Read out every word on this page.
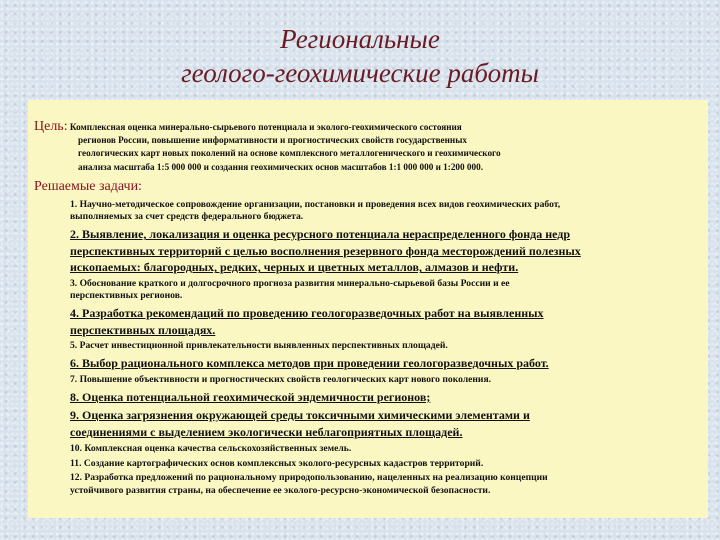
Региональные
геолого-геохимические работы
Цель: Комплексная оценка минерально-сырьевого потенциала и эколого-геохимического состояния
регионов России, повышение информативности и прогностических свойств государственных
геологических карт новых поколений на основе комплексного металлогенического и геохимического
анализа масштаба 1:5 000 000 и создания геохимических основ масштабов 1:1 000 000 и 1:200 000.
Решаемые задачи:
1. Научно-методическое сопровождение организации, постановки и проведения всех видов геохимических работ,
выполняемых за счет средств федерального бюджета.
2. Выявление, локализация и оценка ресурсного потенциала нераспределенного фонда недр
перспективных территорий с целью восполнения резервного фонда месторождений полезных
ископаемых: благородных, редких, черных и цветных металлов, алмазов и нефти.
3. Обоснование краткого и долгосрочного прогноза развития минерально-сырьевой базы России и ее
перспективных регионов.
4. Разработка рекомендаций по проведению геологоразведочных работ на выявленных
перспективных площадях.
5. Расчет инвестиционной привлекательности выявленных перспективных площадей.
6. Выбор рационального комплекса методов при проведении геологоразведочных работ.
7. Повышение объективности и прогностических свойств геологических карт нового поколения.
8. Оценка потенциальной геохимической эндемичности регионов;
9. Оценка загрязнения окружающей среды токсичными химическими элементами и
соединениями с выделением экологически неблагоприятных площадей.
10. Комплексная оценка качества сельскохозяйственных земель.
11. Создание картографических основ комплексных эколого-ресурсных кадастров территорий.
12. Разработка предложений по рациональному природопользованию, нацеленных на реализацию концепции
устойчивого развития страны, на обеспечение ее эколого-ресурсно-экономической безопасности.
